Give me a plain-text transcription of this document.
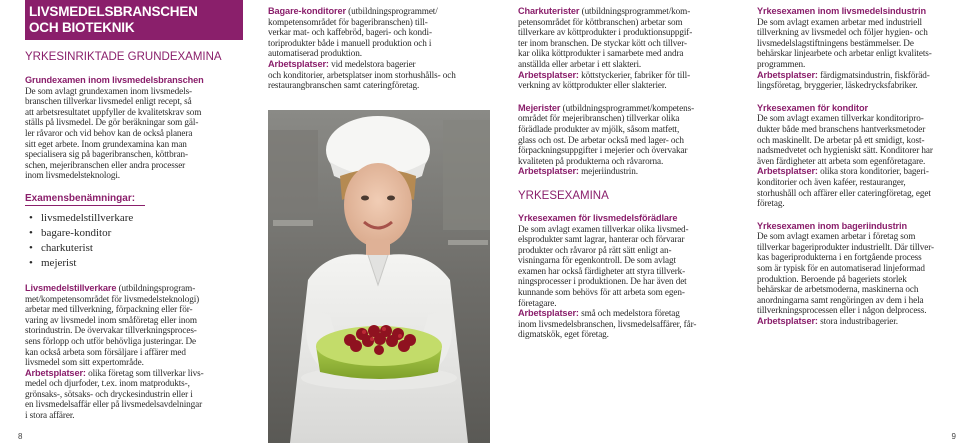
LIVSMEDELSBRANSCHEN
OCH BIOTEKNIK
YRKESINRIKTADE GRUNDEXAMINA
Grundexamen inom livsmedelsbranschen
De som avlagt grundexamen inom livsmedels-
branschen tillverkar livsmedel enligt recept, så
att arbetsresultatet uppfyller de kvalitetskrav som
ställs på livsmedel. De gör beräkningar som gäl-
ler råvaror och vid behov kan de också planera
sitt eget arbete. Inom grundexamina kan man
specialisera sig på bageribranschen, köttbran-
schen, mejeribranschen eller andra processer
inom livsmedelsteknologi.
Examensbenämningar:
• livsmedelstillverkare
• bagare-konditor
• charkuterist
• mejerist
Livsmedelstillverkare (utbildningsprogram-
met/kompetensområdet för livsmedelsteknologi)
arbetar med tillverkning, förpackning eller för-
varing av livsmedel inom småföretag eller inom
storindustrin. De övervakar tillverkningsproces-
sens förlopp och utför behövliga justeringar. De
kan också arbeta som försäljare i affärer med
livsmedel som sitt expertområde.
Arbetsplatser: olika företag som tillverkar livs-
medel och djurfoder, t.ex. inom matprodukts-,
grönsaks-, sötsaks- och dryckesindustrin eller i
en livsmedelsaffär eller på livsmedelsavdelningar
i stora affärer.
Bagare-konditorer (utbildningsprogrammet/
kompetensområdet för bageribranschen) till-
verkar mat- och kaffebröd, bageri- och kondi-
toriprodukter både i manuell produktion och i
automatiserad produktion.
Arbetsplatser: vid medelstora bagerier
och konditorier, arbetsplatser inom storhushålls- och
restaurangbranschen samt cateringföretag.
Charkuterister (utbildningsprogrammet/kom-
petensområdet för köttbranschen) arbetar som
tillverkare av köttprodukter i produktionsuppgif-
ter inom branschen. De styckar kött och tillver-
kar olika köttprodukter i samarbete med andra
anställda eller arbetar i ett slakteri.
Arbetsplatser: köttstyckerier, fabriker för till-
verkning av köttprodukter eller slakterier.
Mejerister (utbildningsprogrammet/kompetens-
området för mejeribranschen) tillverkar olika
förädlade produkter av mjölk, såsom matfett,
glass och ost. De arbetar också med lager- och
förpackningsuppgifter i mejerier och övervakar
kvaliteten på produkterna och råvarorna.
Arbetsplatser: mejeriindustrin.
YRKESEXAMINA
Yrkesexamen för livsmedelsförädlare
De som avlagt examen tillverkar olika livsmed-
elsprodukter samt lagrar, hanterar och förvarar
produkter och råvaror på rätt sätt enligt an-
visningarna för egenkontroll. De som avlagt
examen har också färdigheter att styra tillverk-
ningsprocesser i produktionen. De har även det
kunnande som behövs för att arbeta som egen-
företagare.
Arbetsplatser: små och medelstora företag
inom livsmedelsbranschen, livsmedelsaffärer, får-
digmatskök, eget företag.
Yrkesexamen inom livsmedelsindustrin
De som avlagt examen arbetar med industriell
tillverkning av livsmedel och följer hygien- och
livsmedelslagstiftningens bestämmelser. De
behärskar linjearbete och arbetar enligt kvalitets-
programmen.
Arbetsplatser: färdigmatsindustrin, fiskföräd-
lingsföretag, bryggerier, läskedrycksfabriker.
Yrkesexamen för konditor
De som avlagt examen tillverkar konditoripro-
dukter både med branschens hantverksmetoder
och maskinellt. De arbetar på ett smidigt, kost-
nadsmedvetet och hygieniskt sätt. Konditorer har
även färdigheter att arbeta som egenföretagare.
Arbetsplatser: olika stora konditorier, bageri-
konditorier och även kaféer, restauranger,
storhushåll och affärer eller cateringföretag, eget
företag.
Yrkesexamen inom bageriindustrin
De som avlagt examen arbetar i företag som
tillverkar bageriprodukter industriellt. Där tillver-
kas bageriprodukterna i en fortgående process
som är typisk för en automatiserad linjeformad
produktion. Beroende på bageriets storlek
behärskar de arbetsmoderna, maskinerna och
anordningarna samt rengöringen av dem i hela
tillverkningsprocessen eller i någon delprocess.
Arbetsplatser: stora industribagerier.
8	9
